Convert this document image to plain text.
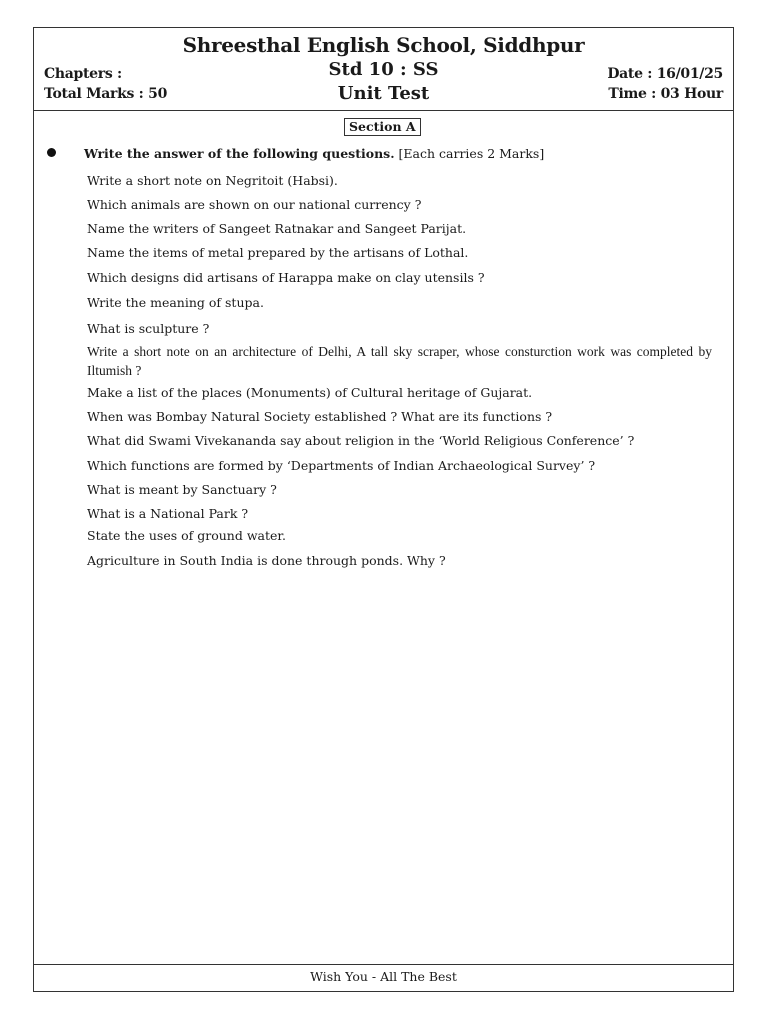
Shreesthal English School, Siddhpur
Std 10 : SS
Unit Test
Chapters :
Total Marks : 50
Date : 16/01/25
Time : 03 Hour
Section A
Write the answer of the following questions. [Each carries 2 Marks]
Write a short note on Negritoit (Habsi).
Which animals are shown on our national currency ?
Name the writers of Sangeet Ratnakar and Sangeet Parijat.
Name the items of metal prepared by the artisans of Lothal.
Which designs did artisans of Harappa make on clay utensils ?
Write the meaning of stupa.
What is sculpture ?
Write a short note on an architecture of Delhi, A tall sky scraper, whose consturction work was completed by Iltumish ?
Make a list of the places (Monuments) of Cultural heritage of Gujarat.
When was Bombay Natural Society established ? What are its functions ?
What did Swami Vivekananda say about religion in the ‘World Religious Conference’ ?
Which functions are formed by ‘Departments of Indian Archaeological Survey’ ?
What is meant by Sanctuary ?
What is a National Park ?
State the uses of ground water.
Agriculture in South India is done through ponds. Why ?
Wish You - All The Best
